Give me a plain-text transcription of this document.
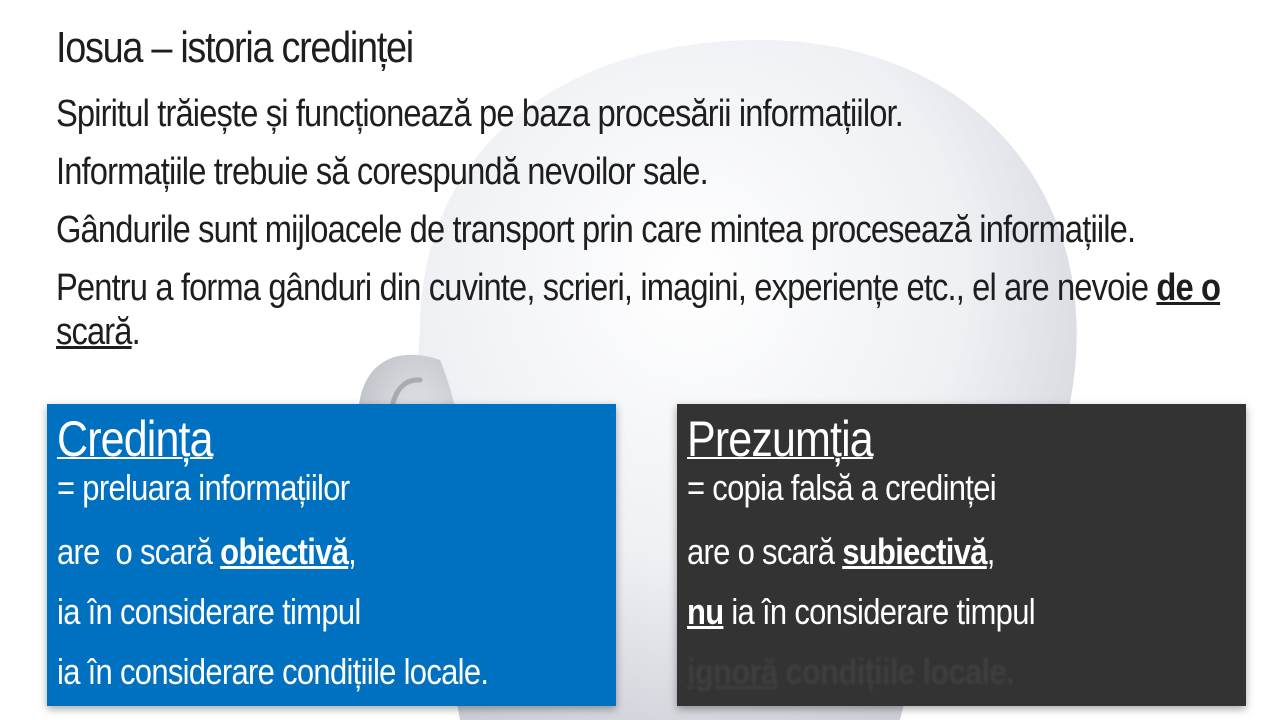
Iosua – istoria credinței

Spiritul trăiește și funcționează pe baza procesării informațiilor.

Informațiile trebuie să corespundă nevoilor sale.

Gândurile sunt mijloacele de transport prin care mintea procesează informațiile.

Pentru a forma gânduri din cuvinte, scrieri, imagini, experiențe etc., el are nevoie de o
scară.

Credința
= preluara informațiilor
are  o scară obiectivă,
ia în considerare timpul
ia în considerare condițiile locale.
Prezumția
= copia falsă a credinței
are o scară subiectivă,
nu ia în considerare timpul
ignoră condițiile locale.
